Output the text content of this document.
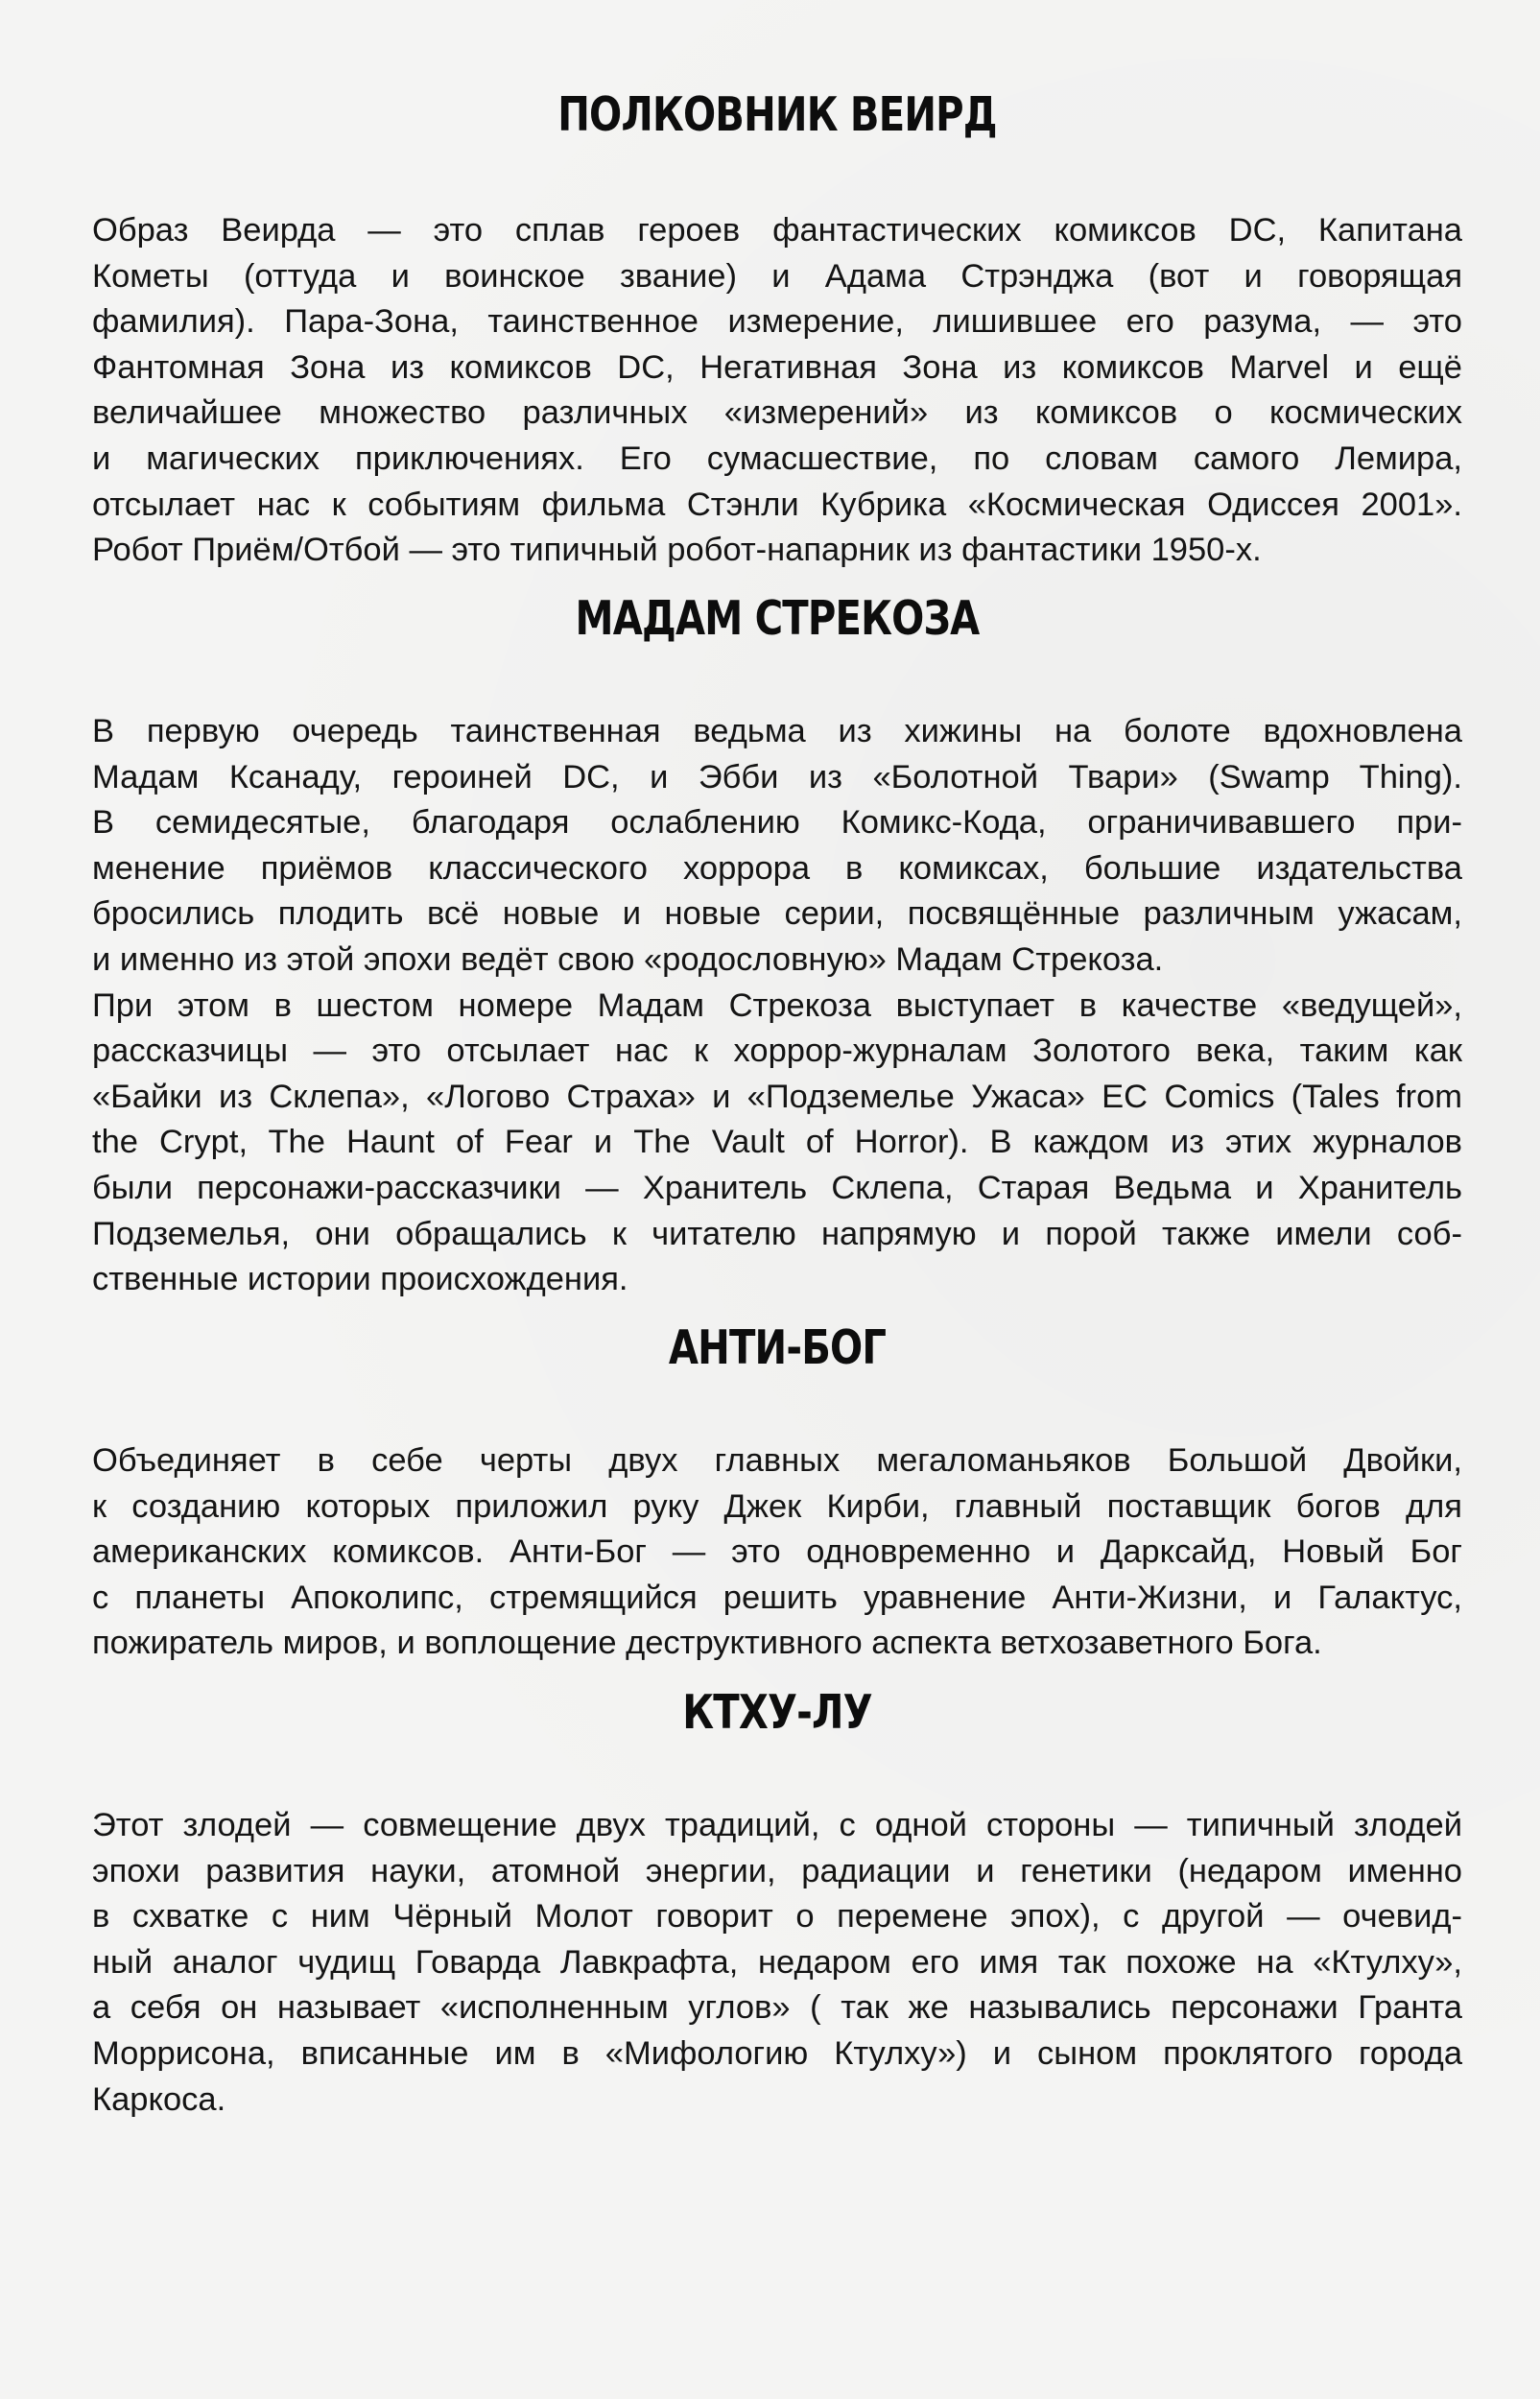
ПОЛКОВНИК ВЕИРД

Образ Веирда — это сплав героев фантастических комиксов DC, Капитана
Кометы (оттуда и воинское звание) и Адама Стрэнджа (вот и говорящая
фамилия). Пара-Зона, таинственное измерение, лишившее его разума, — это
Фантомная Зона из комиксов DC, Негативная Зона из комиксов Marvel и ещё
величайшее множество различных «измерений» из комиксов о космических
и магических приключениях. Его сумасшествие, по словам самого Лемира,
отсылает нас к событиям фильма Стэнли Кубрика «Космическая Одиссея 2001».
Робот Приём/Отбой — это типичный робот-напарник из фантастики 1950-х.

МАДАМ СТРЕКОЗА

В первую очередь таинственная ведьма из хижины на болоте вдохновлена
Мадам Ксанаду, героиней DC, и Эбби из «Болотной Твари» (Swamp Thing).
В семидесятые, благодаря ослаблению Комикс-Кода, ограничивавшего при-
менение приёмов классического хоррора в комиксах, большие издательства
бросились плодить всё новые и новые серии, посвящённые различным ужасам,
и именно из этой эпохи ведёт свою «родословную» Мадам Стрекоза.
При этом в шестом номере Мадам Стрекоза выступает в качестве «ведущей»,
рассказчицы — это отсылает нас к хоррор-журналам Золотого века, таким как
«Байки из Склепа», «Логово Страха» и «Подземелье Ужаса» EC Comics (Tales from
the Crypt, The Haunt of Fear и The Vault of Horror). В каждом из этих журналов
были персонажи-рассказчики — Хранитель Склепа, Старая Ведьма и Хранитель
Подземелья, они обращались к читателю напрямую и порой также имели соб-
ственные истории происхождения.

АНТИ-БОГ

Объединяет в себе черты двух главных мегаломаньяков Большой Двойки,
к созданию которых приложил руку Джек Кирби, главный поставщик богов для
американских комиксов. Анти-Бог — это одновременно и Дарксайд, Новый Бог
с планеты Апоколипс, стремящийся решить уравнение Анти-Жизни, и Галактус,
пожиратель миров, и воплощение деструктивного аспекта ветхозаветного Бога.

КТХУ-ЛУ

Этот злодей — совмещение двух традиций, с одной стороны — типичный злодей
эпохи развития науки, атомной энергии, радиации и генетики (недаром именно
в схватке с ним Чёрный Молот говорит о перемене эпох), с другой — очевид-
ный аналог чудищ Говарда Лавкрафта, недаром его имя так похоже на «Ктулху»,
а себя он называет «исполненным углов» ( так же назывались персонажи Гранта
Моррисона, вписанные им в «Мифологию Ктулху») и сыном проклятого города
Каркоса.
